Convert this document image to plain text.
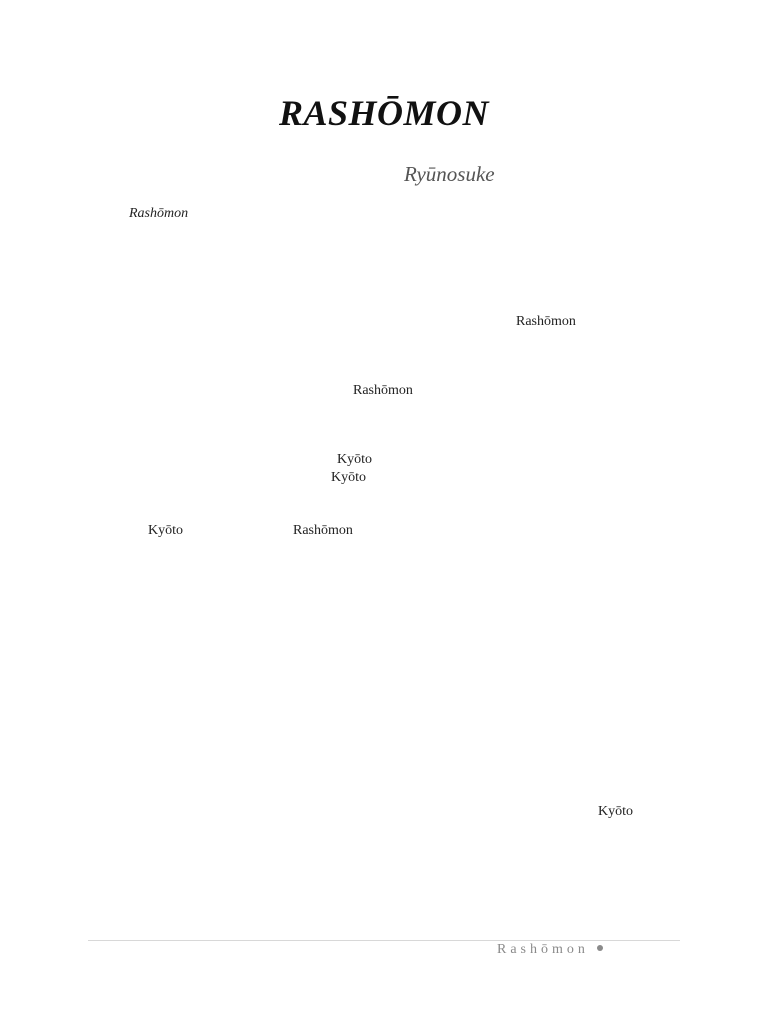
RASHŌMON
Ryūnosuke
Rashōmon
Rashōmon
Rashōmon
Kyōto
Kyōto
Kyōto	Rashōmon
Kyōto
Rashōmon
